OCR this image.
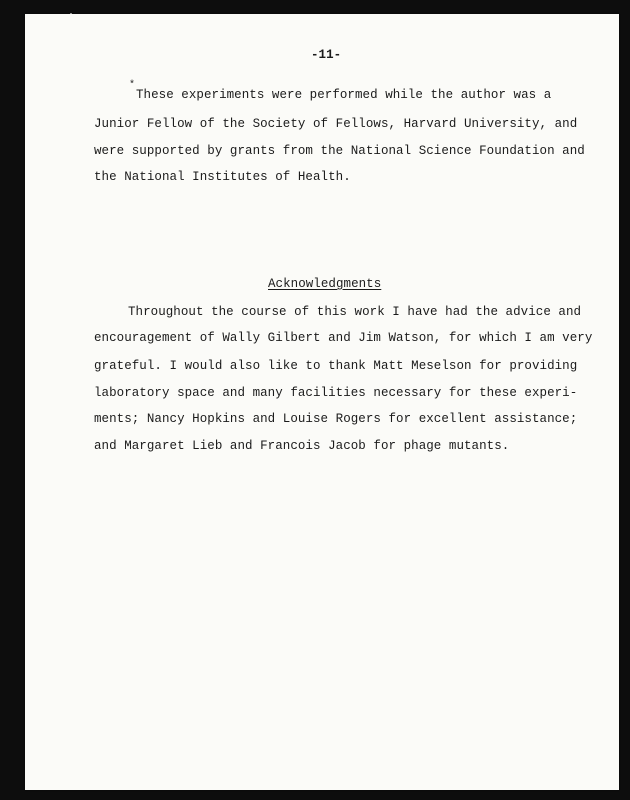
-11-
*
These experiments were performed while the author was a
Junior Fellow of the Society of Fellows, Harvard University, and
were supported by grants from the National Science Foundation and
the National Institutes of Health.
Acknowledgments
Throughout the course of this work I have had the advice and
encouragement of Wally Gilbert and Jim Watson, for which I am very
grateful. I would also like to thank Matt Meselson for providing
laboratory space and many facilities necessary for these experi-
ments; Nancy Hopkins and Louise Rogers for excellent assistance;
and Margaret Lieb and Francois Jacob for phage mutants.
